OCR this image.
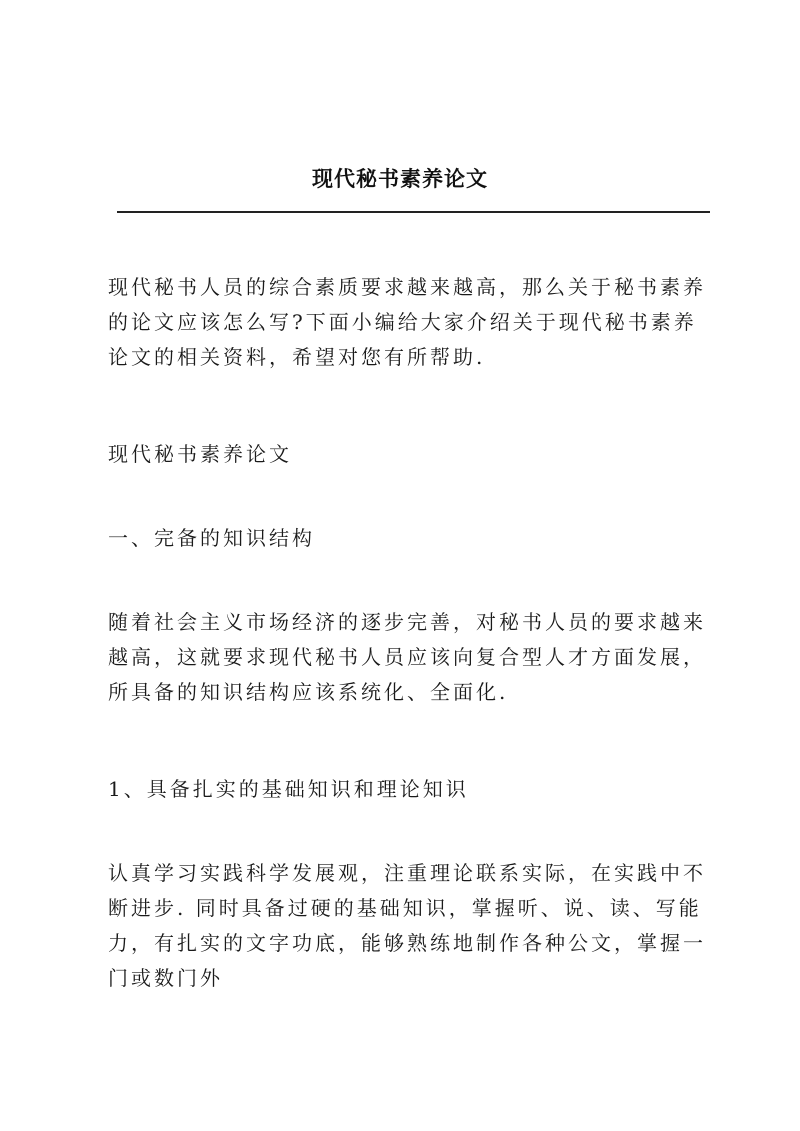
现代秘书素养论文

现代秘书人员的综合素质要求越来越高，那么关于秘书素养的论文应该怎么写?下面小编给大家介绍关于现代秘书素养论文的相关资料，希望对您有所帮助.

现代秘书素养论文

一、完备的知识结构

随着社会主义市场经济的逐步完善，对秘书人员的要求越来越高，这就要求现代秘书人员应该向复合型人才方面发展，所具备的知识结构应该系统化、全面化.

1、具备扎实的基础知识和理论知识

认真学习实践科学发展观，注重理论联系实际，在实践中不断进步. 同时具备过硬的基础知识，掌握听、说、读、写能力，有扎实的文字功底，能够熟练地制作各种公文，掌握一门或数门外
